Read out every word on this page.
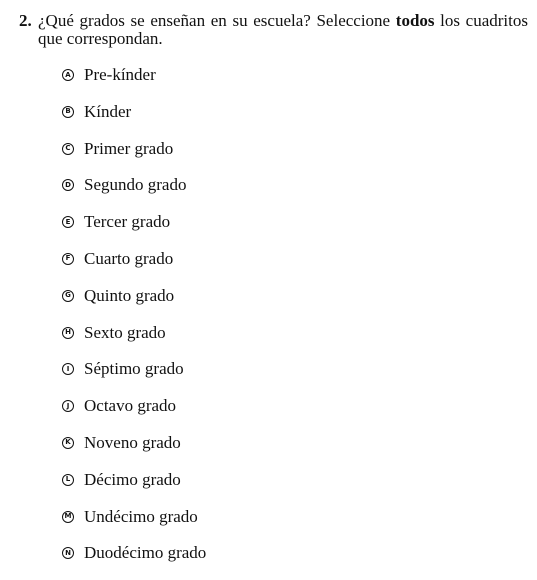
2. ¿Qué grados se enseñan en su escuela? Seleccione todos los cuadritos que correspondan.
A Pre-kínder
B Kínder
C Primer grado
D Segundo grado
E Tercer grado
F Cuarto grado
G Quinto grado
H Sexto grado
I Séptimo grado
J Octavo grado
K Noveno grado
L Décimo grado
M Undécimo grado
N Duodécimo grado
